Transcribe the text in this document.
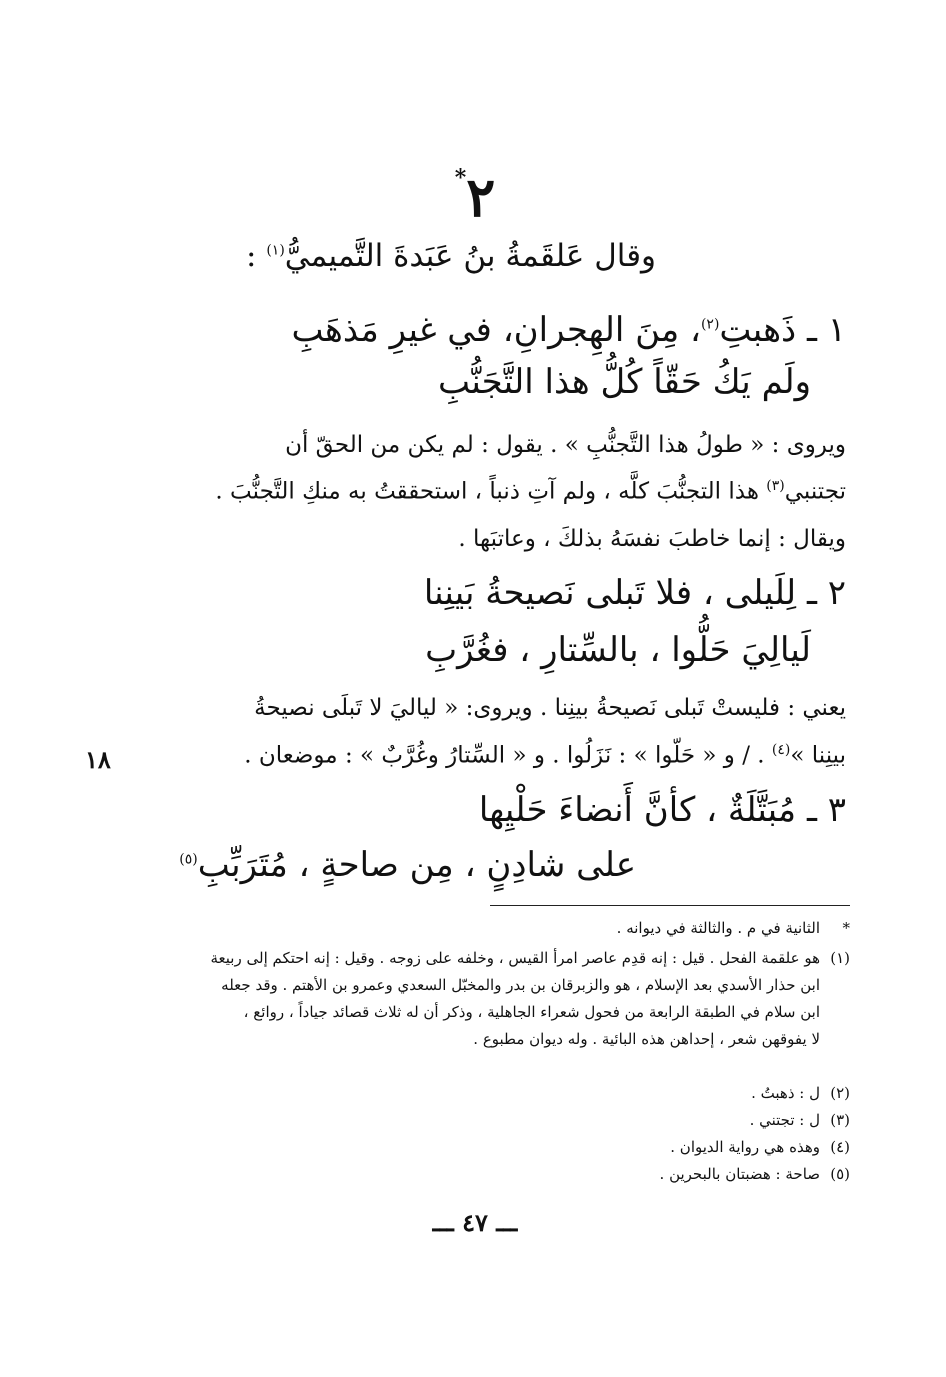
٢*
وقال عَلقَمةُ بنُ عَبَدةَ التَّميميُّ$^{(١)}$ :
١ ـ ذَهبتِ$^{(٢)}$، مِنَ الهِجرانِ، في غيرِ مَذهَبِ
ولَم يَكُ حَقّاً كُلُّ هذا التَّجَنُّبِ
ويروى : « طولُ هذا التَّجنُّبِ » . يقول : لم يكن من الحقّ أن
تجتنبي$^{(٣)}$ هذا التجنُّبَ كلَّه ، ولم آتِ ذنباً ، استحققتُ به منكِ التَّجنُّبَ .
ويقال : إنما خاطبَ نفسَهُ بذلكَ ، وعاتبَها .
٢ ـ لِلَيلى ، فلا تَبلى نَصيحةُ بَينِنا
لَيالِيَ حَلُّوا ، بالسِّتارِ ، فغُرَّبِ
يعني : فليستْ تَبلى نَصيحةُ بينِنا . ويروى: « لياليَ لا تَبلَى نصيحةُ
بينِنا »$^{(٤)}$ . / و « حَلّوا » : نَزَلُوا . و « السِّتارُ وغُرَّبٌ » : موضعان .
١٨
٣ ـ مُبَتَّلَةٌ ، كأنَّ أَنضاءَ حَلْيِها
على شادِنٍ ، مِن صاحةٍ ، مُتَرَبِّبِ$^{(٥)}$
*الثانية في م . والثالثة في ديوانه .
(١)هو علقمة الفحل . قيل : إنه قدِم عاصر امرأ القيس ، وخلفه على زوجه . وقيل : إنه احتكم إلى ربيعة
ابن حذار الأسدي بعد الإسلام ، هو والزبرقان بن بدر والمخبّل السعدي وعمرو بن الأهتم . وقد جعله
ابن سلام في الطبقة الرابعة من فحول شعراء الجاهلية ، وذكر أن له ثلاث قصائد جياداً ، روائع ،
لا يفوقهن شعر ، إحداهن هذه البائية . وله ديوان مطبوع .
(٢)ل : ذهبتُ .
(٣)ل : تجتني .
(٤)وهذه هي رواية الديوان .
(٥)صاحة : هضبتان بالبحرين .
ـــ ٤٧ ـــ
